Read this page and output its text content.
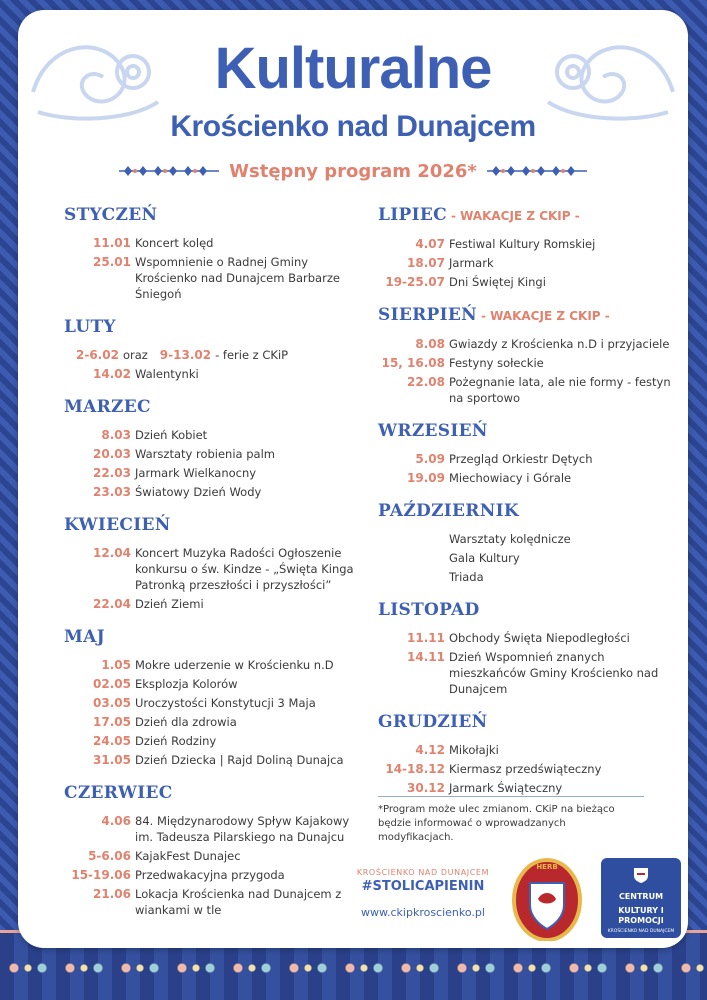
Kulturalne
Krościenko nad Dunajcem
Wstępny program 2026*
STYCZEŃ
11.01 Koncert kolęd
25.01 Wspomnienie o Radnej Gminy Krościenko nad Dunajcem Barbarze Śniegoń
LUTY
2-6.02 oraz	9-13.02 - ferie z CKiP
14.02 Walentynki
MARZEC
8.03 Dzień Kobiet
20.03 Warsztaty robienia palm
22.03 Jarmark Wielkanocny
23.03 Światowy Dzień Wody
KWIECIEŃ
12.04 Koncert Muzyka Radości Ogłoszenie konkursu o św. Kindze - „Święta Kinga Patronką przeszłości i przyszłości”
22.04 Dzień Ziemi
MAJ
1.05 Mokre uderzenie w Krościenku n.D
02.05 Eksplozja Kolorów
03.05 Uroczystości Konstytucji 3 Maja
17.05 Dzień dla zdrowia
24.05 Dzień Rodziny
31.05 Dzień Dziecka | Rajd Doliną Dunajca
CZERWIEC
4.06 84. Międzynarodowy Spływ Kajakowy im. Tadeusza Pilarskiego na Dunajcu
5-6.06 KajakFest Dunajec
15-19.06 Przedwakacyjna przygoda
21.06 Lokacja Krościenka nad Dunajcem z wiankami w tle
LIPIEC - WAKACJE Z CKIP -
4.07 Festiwal Kultury Romskiej
18.07 Jarmark
19-25.07 Dni Świętej Kingi
SIERPIEŃ - WAKACJE Z CKIP -
8.08 Gwiazdy z Krościenka n.D i przyjaciele
15, 16.08 Festyny sołeckie
22.08 Pożegnanie lata, ale nie formy - festyn na sportowo
WRZESIEŃ
5.09 Przegląd Orkiestr Dętych
19.09 Miechowiacy i Górale
PAŹDZIERNIK
Warsztaty kolędnicze
Gala Kultury
Triada
LISTOPAD
11.11 Obchody Święta Niepodległości
14.11 Dzień Wspomnień znanych mieszkańców Gminy Krościenko nad Dunajcem
GRUDZIEŃ
4.12 Mikołajki
14-18.12 Kiermasz przedświąteczny
30.12 Jarmark Świąteczny
*Program może ulec zmianom. CKiP na bieżąco będzie informować o wprowadzanych modyfikacjach.
KROŚCIENKO NAD DUNAJCEM
#STOLICAPIENIN
www.ckipkroscienko.pl
HERB
CENTRUM
KULTURY I PROMOCJI
KROŚCIENKO NAD DUNAJCEM
